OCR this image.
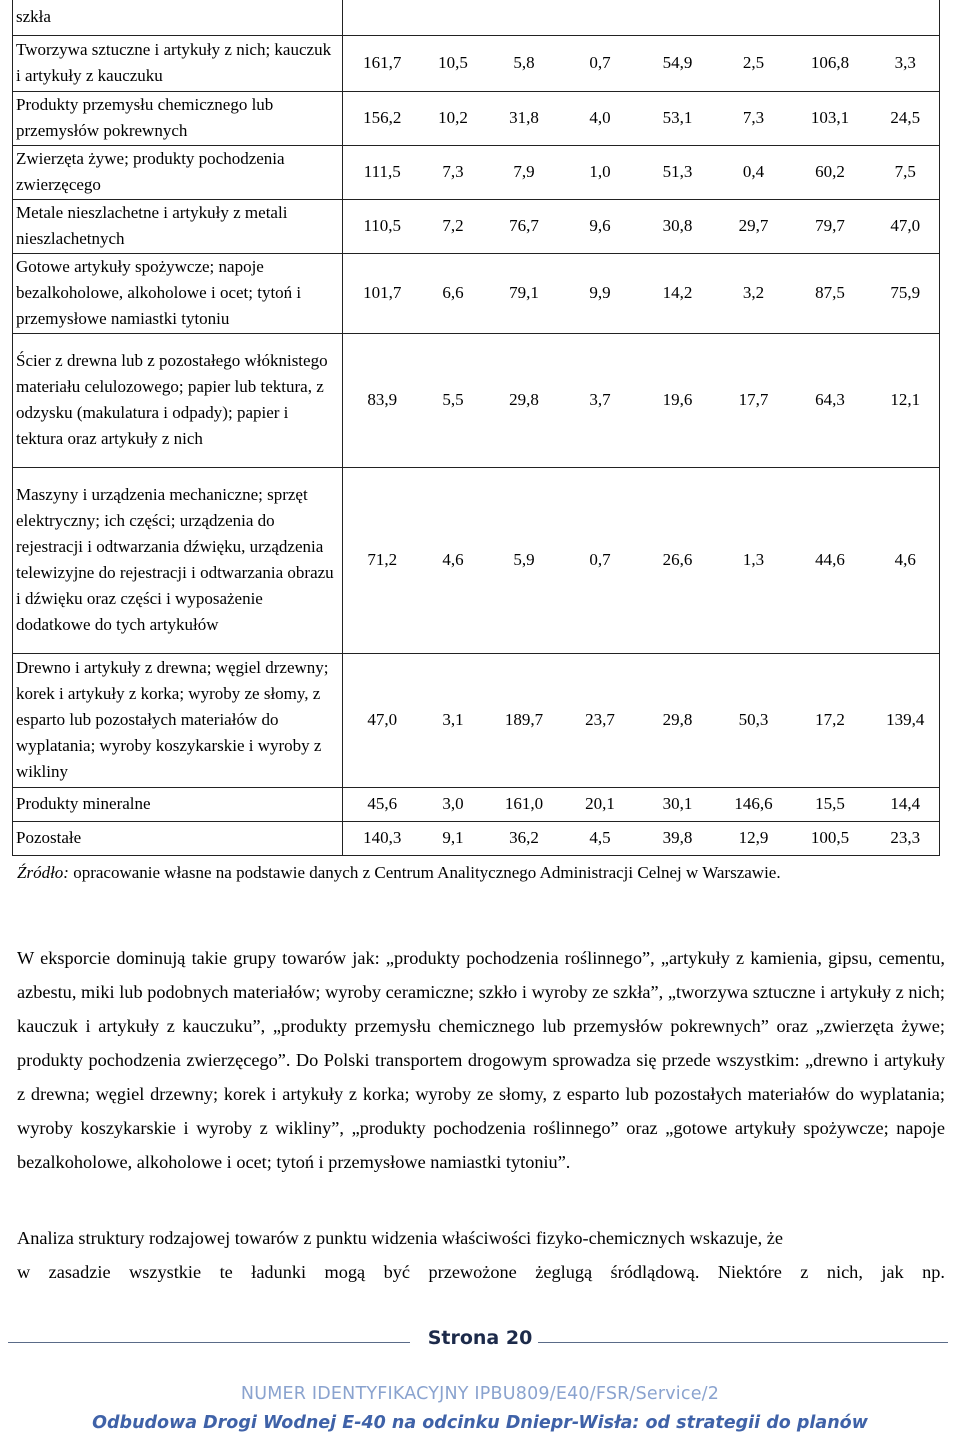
szkła								
Tworzywa sztuczne i artykuły z nich; kauczuk i artykuły z kauczuku	161,7	10,5	5,8	0,7	54,9	2,5	106,8	3,3
Produkty przemysłu chemicznego lub przemysłów pokrewnych	156,2	10,2	31,8	4,0	53,1	7,3	103,1	24,5
Zwierzęta żywe; produkty pochodzenia zwierzęcego	111,5	7,3	7,9	1,0	51,3	0,4	60,2	7,5
Metale nieszlachetne i artykuły z metali nieszlachetnych	110,5	7,2	76,7	9,6	30,8	29,7	79,7	47,0
Gotowe artykuły spożywcze; napoje bezalkoholowe, alkoholowe i ocet; tytoń i przemysłowe namiastki tytoniu	101,7	6,6	79,1	9,9	14,2	3,2	87,5	75,9
Ścier z drewna lub z pozostałego włóknistego materiału celulozowego; papier lub tektura, z odzysku (makulatura i odpady); papier i tektura oraz artykuły z nich	83,9	5,5	29,8	3,7	19,6	17,7	64,3	12,1
Maszyny i urządzenia mechaniczne; sprzęt elektryczny; ich części; urządzenia do rejestracji i odtwarzania dźwięku, urządzenia telewizyjne do rejestracji i odtwarzania obrazu i dźwięku oraz części i wyposażenie dodatkowe do tych artykułów	71,2	4,6	5,9	0,7	26,6	1,3	44,6	4,6
Drewno i artykuły z drewna; węgiel drzewny; korek i artykuły z korka; wyroby ze słomy, z esparto lub pozostałych materiałów do wyplatania; wyroby koszykarskie i wyroby z wikliny	47,0	3,1	189,7	23,7	29,8	50,3	17,2	139,4
Produkty mineralne	45,6	3,0	161,0	20,1	30,1	146,6	15,5	14,4
Pozostałe	140,3	9,1	36,2	4,5	39,8	12,9	100,5	23,3
Źródło: opracowanie własne na podstawie danych z Centrum Analitycznego Administracji Celnej w Warszawie.
W eksporcie dominują takie grupy towarów jak: „produkty pochodzenia roślinnego”, „artykuły z kamienia, gipsu, cementu, azbestu, miki lub podobnych materiałów; wyroby ceramiczne; szkło i wyroby ze szkła”, „tworzywa sztuczne i artykuły z nich; kauczuk i artykuły z kauczuku”, „produkty przemysłu chemicznego lub przemysłów pokrewnych” oraz „zwierzęta żywe; produkty pochodzenia zwierzęcego”. Do Polski transportem drogowym sprowadza się przede wszystkim: „drewno i artykuły z drewna; węgiel drzewny; korek i artykuły z korka; wyroby ze słomy, z esparto lub pozostałych materiałów do wyplatania; wyroby koszykarskie i wyroby z wikliny”, „produkty pochodzenia roślinnego” oraz „gotowe artykuły spożywcze; napoje bezalkoholowe, alkoholowe i ocet; tytoń i przemysłowe namiastki tytoniu”.
Analiza struktury rodzajowej towarów z punktu widzenia właściwości fizyko-chemicznych wskazuje, że
w zasadzie wszystkie te ładunki mogą być przewożone żeglugą śródlądową. Niektóre z nich, jak np.
Strona 20
NUMER IDENTYFIKACYJNY IPBU809/E40/FSR/Service/2
Odbudowa Drogi Wodnej E-40 na odcinku Dniepr-Wisła: od strategii do planów
